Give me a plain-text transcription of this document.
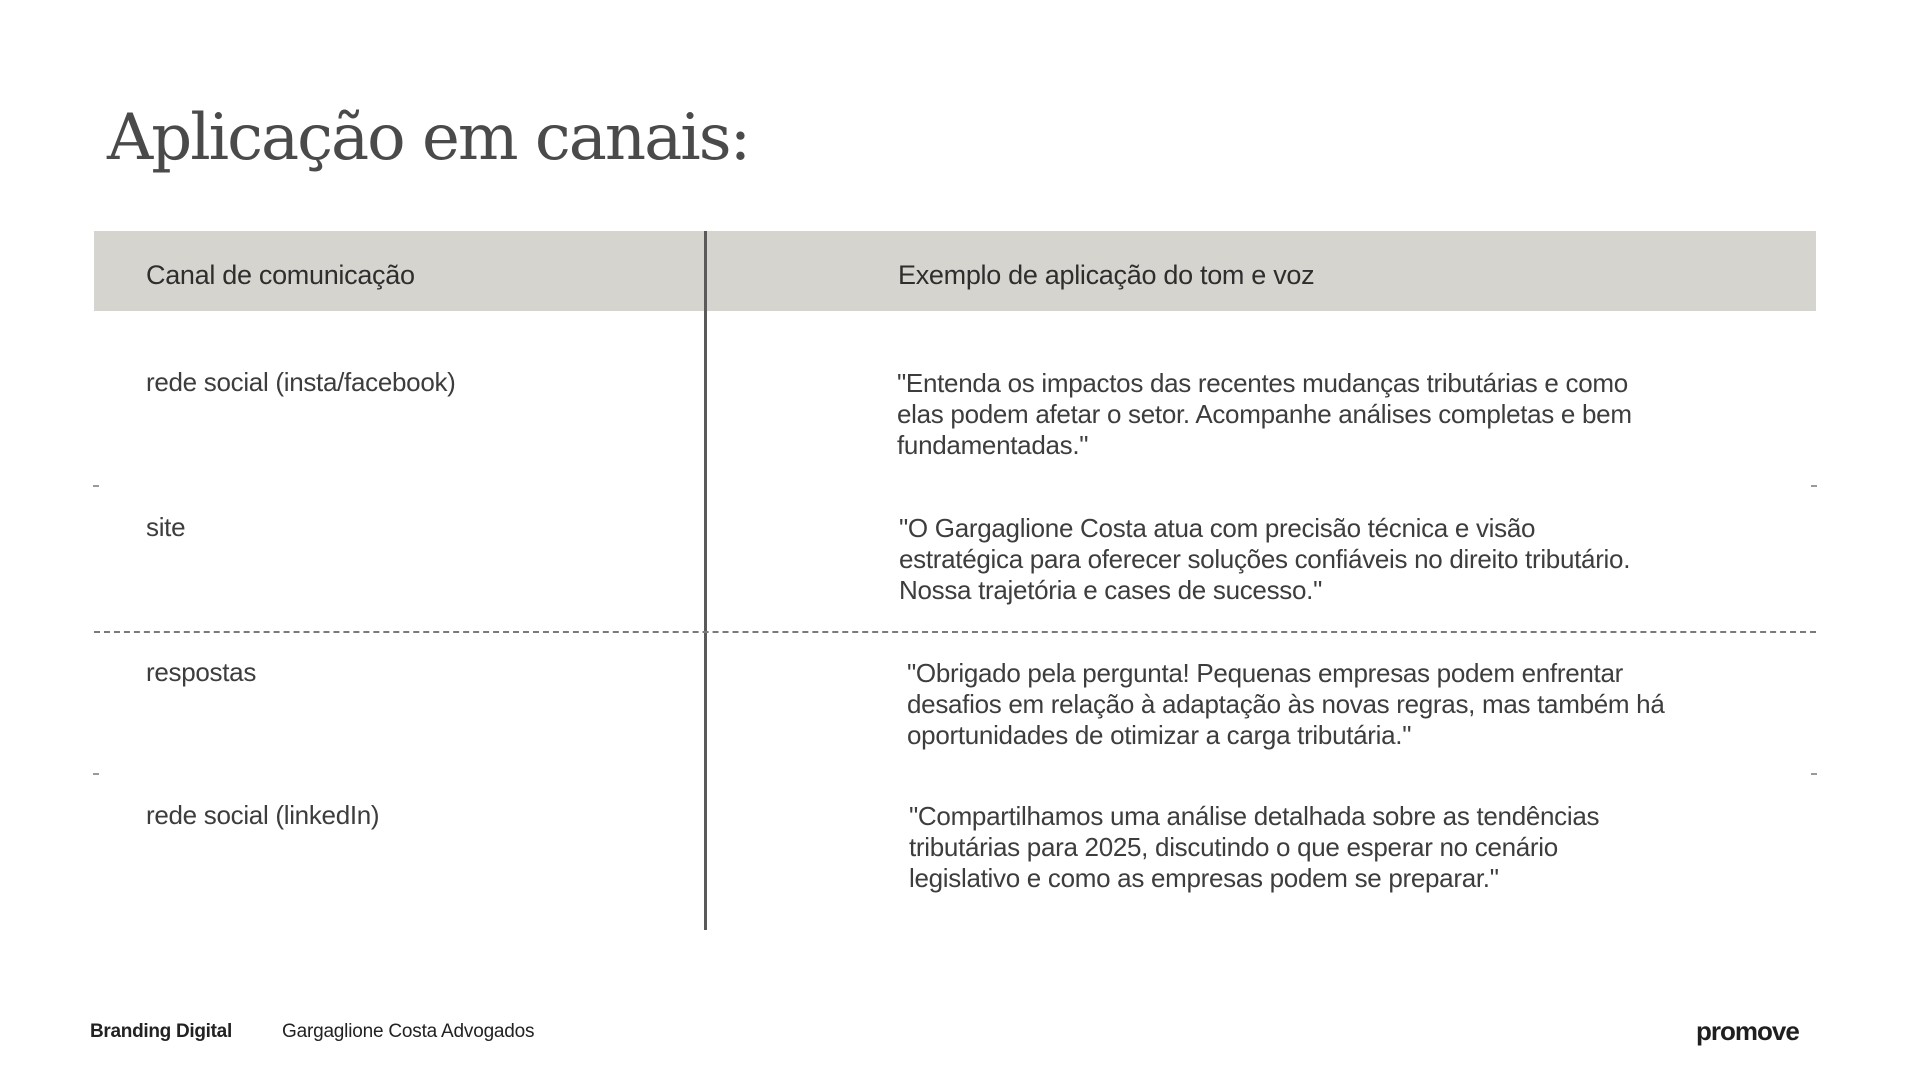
Aplicação em canais:
Canal de comunicação	Exemplo de aplicação do tom e voz
rede social (insta/facebook)	"Entenda os impactos das recentes mudanças tributárias e como elas podem afetar o setor. Acompanhe análises completas e bem fundamentadas."
site	"O Gargaglione Costa atua com precisão técnica e visão estratégica para oferecer soluções confiáveis no direito tributário. Nossa trajetória e cases de sucesso."
respostas	"Obrigado pela pergunta! Pequenas empresas podem enfrentar desafios em relação à adaptação às novas regras, mas também há oportunidades de otimizar a carga tributária."
rede social (linkedIn)	"Compartilhamos uma análise detalhada sobre as tendências tributárias para 2025, discutindo o que esperar no cenário legislativo e como as empresas podem se preparar."
Branding Digital	Gargaglione Costa Advogados	promove
